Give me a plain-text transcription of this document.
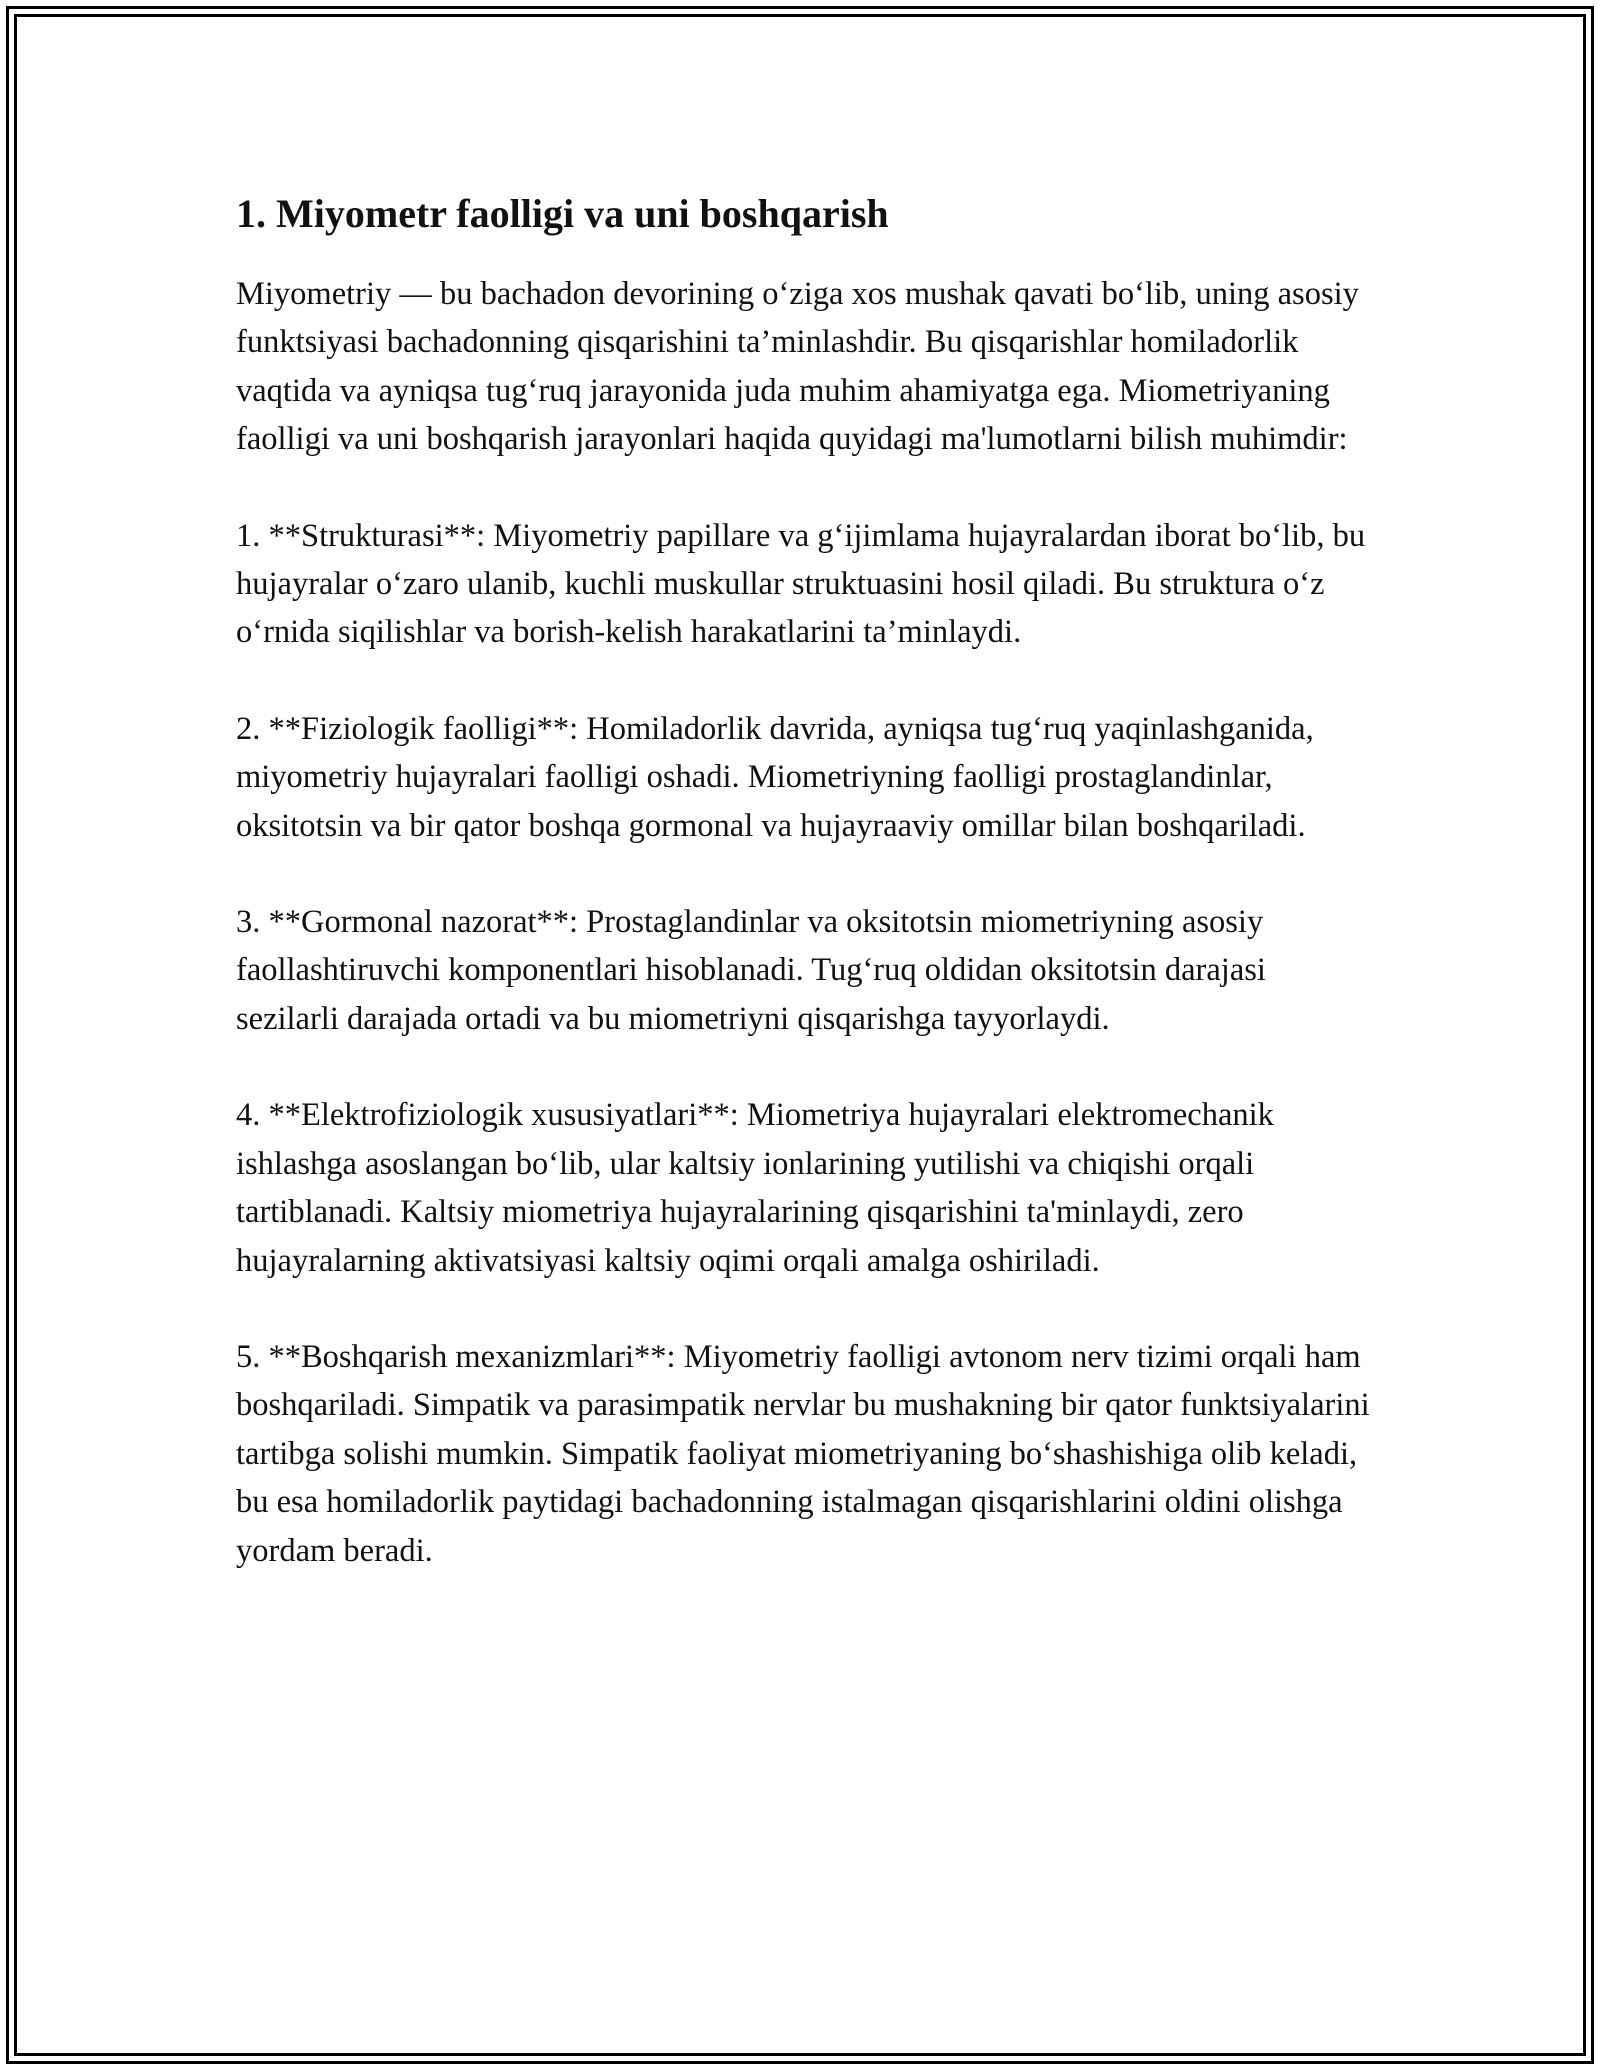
1. Miyometr faolligi va uni boshqarish

Miyometriy — bu bachadon devorining o‘ziga xos mushak qavati bo‘lib, uning asosiy funktsiyasi bachadonning qisqarishini ta’minlashdir. Bu qisqarishlar homiladorlik vaqtida va ayniqsa tug‘ruq jarayonida juda muhim ahamiyatga ega. Miometriyaning faolligi va uni boshqarish jarayonlari haqida quyidagi ma'lumotlarni bilish muhimdir:

1. **Strukturasi**: Miyometriy papillare va g‘ijimlama hujayralardan iborat bo‘lib, bu hujayralar o‘zaro ulanib, kuchli muskullar struktuasini hosil qiladi. Bu struktura o‘z o‘rnida siqilishlar va borish-kelish harakatlarini ta’minlaydi.

2. **Fiziologik faolligi**: Homiladorlik davrida, ayniqsa tug‘ruq yaqinlashganida, miyometriy hujayralari faolligi oshadi. Miometriyning faolligi prostaglandinlar, oksitotsin va bir qator boshqa gormonal va hujayraaviy omillar bilan boshqariladi.

3. **Gormonal nazorat**: Prostaglandinlar va oksitotsin miometriyning asosiy faollashtiruvchi komponentlari hisoblanadi. Tug‘ruq oldidan oksitotsin darajasi sezilarli darajada ortadi va bu miometriyni qisqarishga tayyorlaydi.

4. **Elektrofiziologik xususiyatlari**: Miometriya hujayralari elektromechanik ishlashga asoslangan bo‘lib, ular kaltsiy ionlarining yutilishi va chiqishi orqali tartiblanadi. Kaltsiy miometriya hujayralarining qisqarishini ta'minlaydi, zero hujayralarning aktivatsiyasi kaltsiy oqimi orqali amalga oshiriladi.

5. **Boshqarish mexanizmlari**: Miyometriy faolligi avtonom nerv tizimi orqali ham boshqariladi. Simpatik va parasimpatik nervlar bu mushakning bir qator funktsiyalarini tartibga solishi mumkin. Simpatik faoliyat miometriyaning bo‘shashishiga olib keladi, bu esa homiladorlik paytidagi bachadonning istalmagan qisqarishlarini oldini olishga yordam beradi.
